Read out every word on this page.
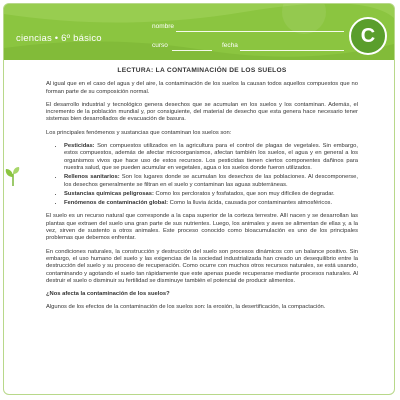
ciencias • 6º básico
nombre
curso	fecha	C
LECTURA: LA CONTAMINACIÓN DE LOS SUELOS

Al igual que en el caso del agua y del aire, la contaminación de los suelos la causan todos aquellos compuestos que no forman parte de su composición normal.

El desarrollo industrial y tecnológico genera desechos que se acumulan en los suelos y los contaminan. Además, el incremento de la población mundial y, por consiguiente, del material de desecho que esta genera hace necesario tener sistemas bien desarrollados de evacuación de basura.

Los principales fenómenos y sustancias que contaminan los suelos son:

• Pesticidas: Son compuestos utilizados en la agricultura para el control de plagas de vegetales. Sin embargo, estos compuestos, además de afectar microorganismos, afectan también los suelos, el agua y en general a los organismos vivos que hace uso de estos recursos. Los pesticidas tienen ciertos componentes dañinos para nuestra salud, que se pueden acumular en vegetales, agua o los suelos donde fueron utilizados.
• Rellenos sanitarios: Son los lugares donde se acumulan los desechos de las poblaciones. Al descomponerse, los desechos generalmente se filtran en el suelo y contaminan las aguas subterráneas.
• Sustancias químicas peligrosas: Como los percloratos y fosfatados, que son muy difíciles de degradar.
• Fenómenos de contaminación global: Como la lluvia ácida, causada por contaminantes atmosféricos.

El suelo es un recurso natural que corresponde a la capa superior de la corteza terrestre. Allí nacen y se desarrollan las plantas que extraen del suelo una gran parte de sus nutrientes. Luego, los animales y aves se alimentan de ellas y, a la vez, sirven de sustento a otros animales. Este proceso conocido como bioacumulación es uno de los principales problemas que debemos enfrentar.

En condiciones naturales, la construcción y destrucción del suelo son procesos dinámicos con un balance positivo. Sin embargo, el uso humano del suelo y las exigencias de la sociedad industrializada han creado un desequilibrio entre la destrucción del suelo y su proceso de recuperación. Como ocurre con muchos otros recursos naturales, se está usando, contaminando y agotando el suelo tan rápidamente que este apenas puede recuperarse mediante procesos naturales. Al destruir el suelo o disminuir su fertilidad se disminuye también el potencial de producir alimentos.

¿Nos afecta la contaminación de los suelos?

Algunos de los efectos de la contaminación de los suelos son: la erosión, la desertificación, la compactación.
